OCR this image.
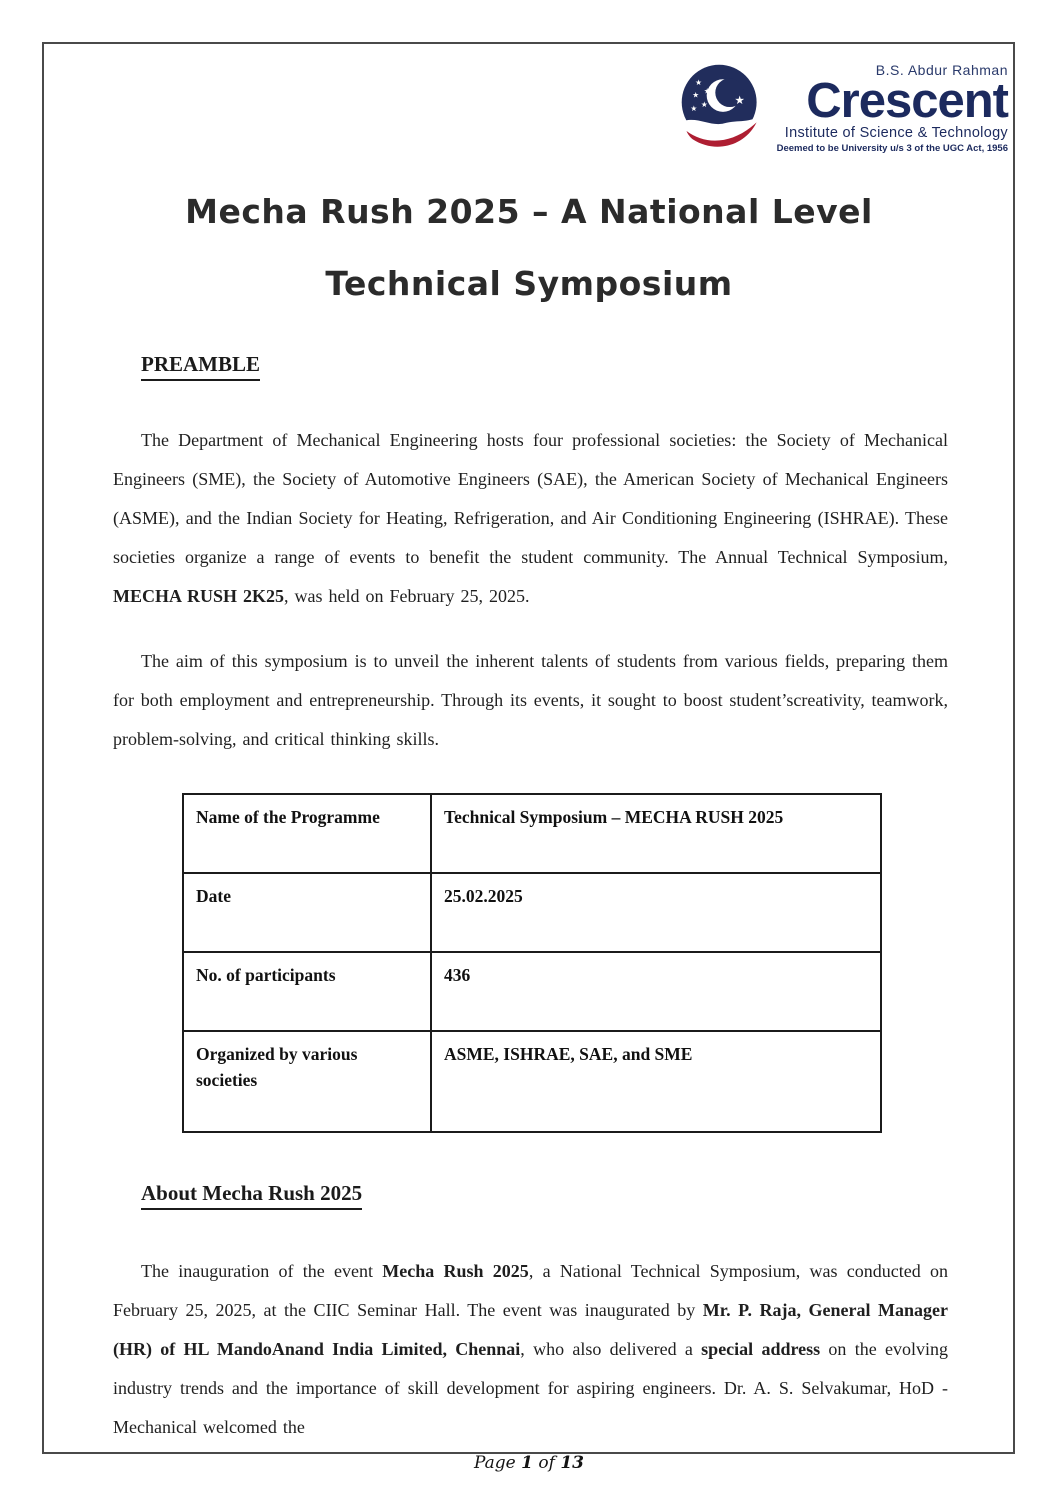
★
★
★
★
★
★
B.S. Abdur Rahman
Crescent
Institute of Science & Technology
Deemed to be University u/s 3 of the UGC Act, 1956
Mecha Rush 2025 – A National Level
Technical Symposium
PREAMBLE

The Department of Mechanical Engineering hosts four professional societies: the Society of Mechanical Engineers (SME), the Society of Automotive Engineers (SAE), the American Society of Mechanical Engineers (ASME), and the Indian Society for Heating, Refrigeration, and Air Conditioning Engineering (ISHRAE). These societies organize a range of events to benefit the student community. The Annual Technical Symposium, MECHA RUSH 2K25, was held on February 25, 2025.

The aim of this symposium is to unveil the inherent talents of students from various fields, preparing them for both employment and entrepreneurship. Through its events, it sought to boost student’screativity, teamwork, problem-solving, and critical thinking skills.

Name of the Programme	Technical Symposium – MECHA RUSH 2025
Date	25.02.2025
No. of participants	436
Organized by various societies	ASME, ISHRAE, SAE, and SME
About Mecha Rush 2025

The inauguration of the event Mecha Rush 2025, a National Technical Symposium, was conducted on February 25, 2025, at the CIIC Seminar Hall. The event was inaugurated by Mr. P. Raja, General Manager (HR) of HL MandoAnand India Limited, Chennai, who also delivered a special address on the evolving industry trends and the importance of skill development for aspiring engineers. Dr. A. S. Selvakumar, HoD - Mechanical welcomed the

Page 1 of 13
